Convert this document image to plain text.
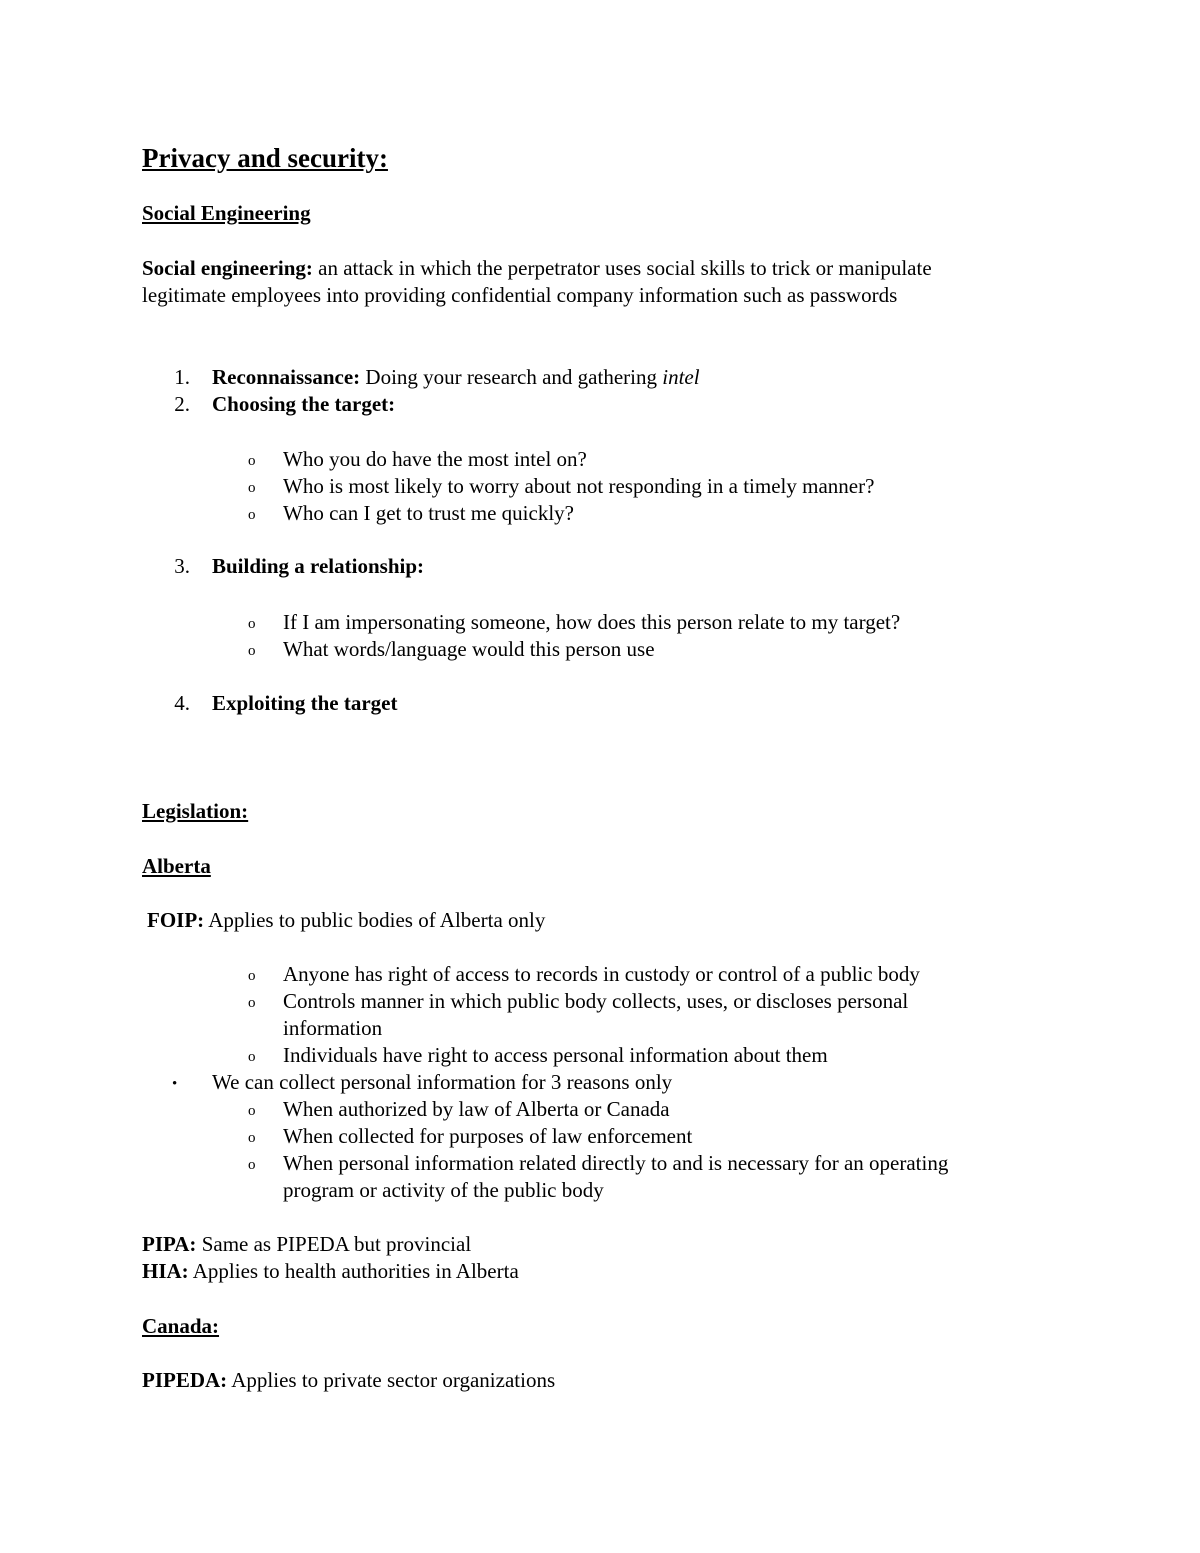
Privacy and security:
Social Engineering
Social engineering: an attack in which the perpetrator uses social skills to trick or manipulate
legitimate employees into providing confidential company information such as passwords
1. Reconnaissance: Doing your research and gathering intel
2. Choosing the target:
o Who you do have the most intel on?
o Who is most likely to worry about not responding in a timely manner?
o Who can I get to trust me quickly?
3. Building a relationship:
o If I am impersonating someone, how does this person relate to my target?
o What words/language would this person use
4. Exploiting the target
Legislation:
Alberta
FOIP: Applies to public bodies of Alberta only
o Anyone has right of access to records in custody or control of a public body
o Controls manner in which public body collects, uses, or discloses personal
information
o Individuals have right to access personal information about them
• We can collect personal information for 3 reasons only
o When authorized by law of Alberta or Canada
o When collected for purposes of law enforcement
o When personal information related directly to and is necessary for an operating
program or activity of the public body
PIPA: Same as PIPEDA but provincial
HIA: Applies to health authorities in Alberta
Canada:
PIPEDA: Applies to private sector organizations
